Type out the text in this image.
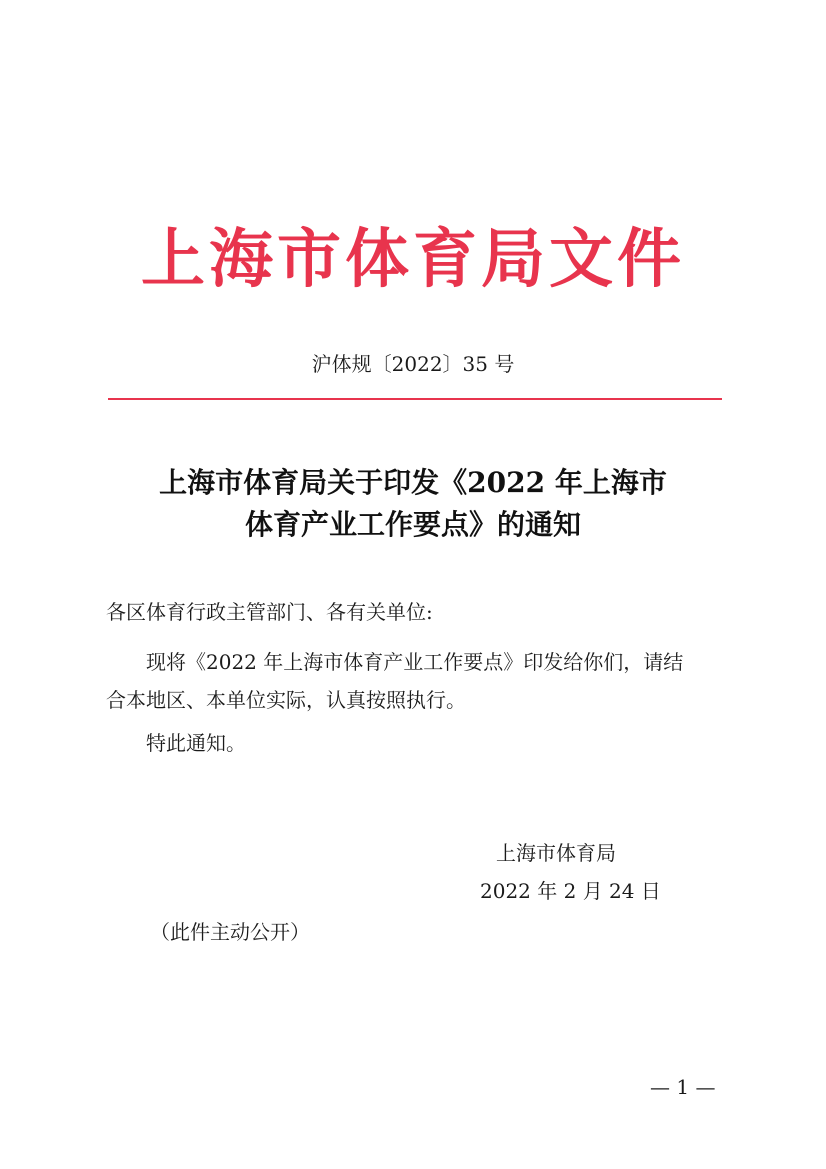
上海市体育局文件
沪体规〔2022〕35 号
上海市体育局关于印发《2022 年上海市
体育产业工作要点》的通知
各区体育行政主管部门、各有关单位:
现将《2022 年上海市体育产业工作要点》印发给你们，请结
合本地区、本单位实际，认真按照执行。
特此通知。
上海市体育局
2022 年 2 月 24 日
（此件主动公开）
— 1 —
